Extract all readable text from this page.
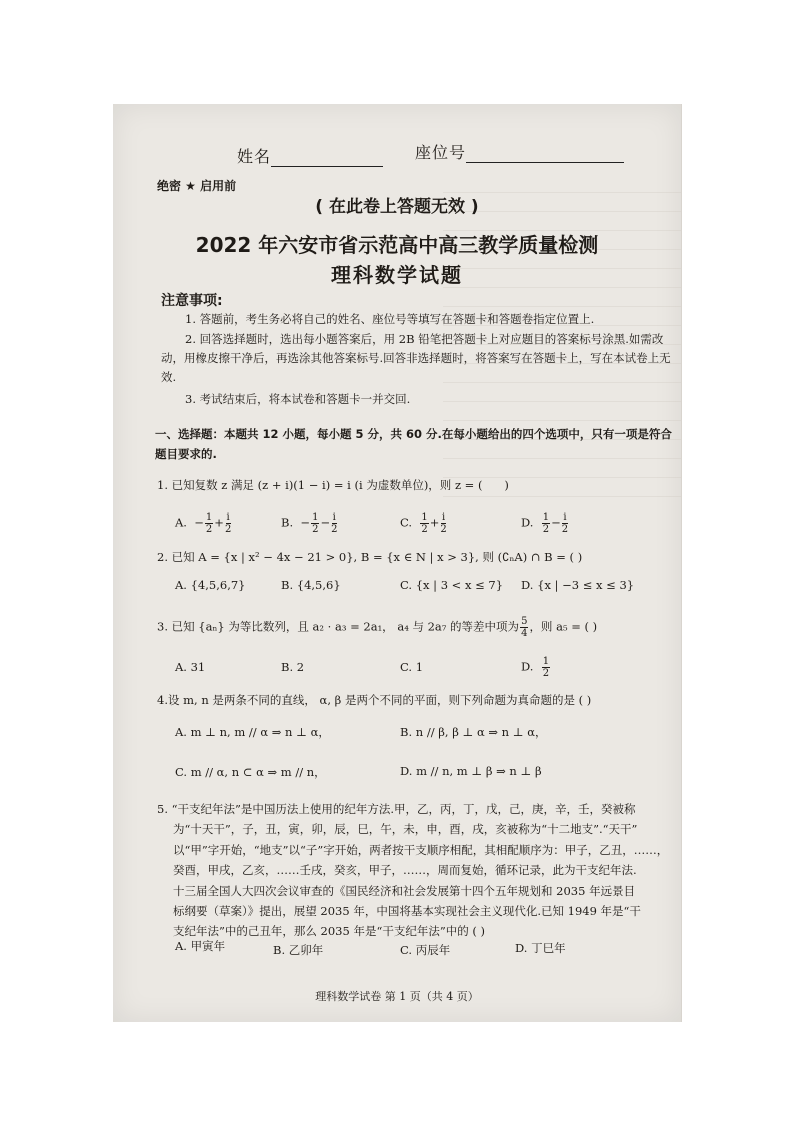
姓名	座位号
绝密 ★ 启用前
( 在此卷上答题无效 )
2022 年六安市省示范高中高三教学质量检测
理科数学试题
注意事项:
1. 答题前，考生务必将自己的姓名、座位号等填写在答题卡和答题卷指定位置上.
2. 回答选择题时，选出每小题答案后，用 2B 铅笔把答题卡上对应题目的答案标号涂黑.如需改动，用橡皮擦干净后，再选涂其他答案标号.回答非选择题时，将答案写在答题卡上，写在本试卷上无效.
3. 考试结束后，将本试卷和答题卡一并交回.
一、选择题：本题共 12 小题，每小题 5 分，共 60 分.在每小题给出的四个选项中，只有一项是符合题目要求的.
1. 已知复数 z 满足 (z + i)(1 − i) = i (i 为虚数单位)，则 z = ( )
A. − $\frac{1}{2} + \frac{i}{2}$	B. − $\frac{1}{2} - \frac{i}{2}$	C. $\frac{1}{2} + \frac{i}{2}$	D. $\frac{1}{2} - \frac{i}{2}$
2. 已知 A = {x | x² − 4x − 21 > 0}, B = {x ∈ N | x > 3}, 则 (∁ₙA) ∩ B = ( )
A. {4,5,6,7}	B. {4,5,6}	C. {x | 3 < x ≤ 7} D. {x | −3 ≤ x ≤ 3}
3. 已知 {aₙ} 为等比数列，且 a₂ · a₃ = 2a₁， a₄ 与 2a₇ 的等差中项为 $\frac{5}{4}$ ，则 a₅ = ( )
A. 31	B. 2	C. 1	D. $\frac{1}{2}$
4.设 m, n 是两条不同的直线， α, β 是两个不同的平面，则下列命题为真命题的是 ( )
A. m ⊥ n, m // α ⇒ n ⊥ α，	B. n // β, β ⊥ α ⇒ n ⊥ α，
C. m // α, n ⊂ α ⇒ m // n，	D. m // n, m ⊥ β ⇒ n ⊥ β
5. “干支纪年法”是中国历法上使用的纪年方法.甲，乙，丙，丁，戊，己，庚，辛，壬，癸被称
为“十天干”，子，丑，寅，卯，辰，巳，午，未，申，酉，戌，亥被称为“十二地支”.“天干”
以“甲”字开始，“地支”以“子”字开始，两者按干支顺序相配，其相配顺序为：甲子，乙丑，……，
癸酉，甲戌，乙亥，……壬戌，癸亥，甲子，……，周而复始，循环记录，此为干支纪年法.
十三届全国人大四次会议审查的《国民经济和社会发展第十四个五年规划和 2035 年远景目
标纲要（草案）》提出，展望 2035 年，中国将基本实现社会主义现代化.已知 1949 年是“干
支纪年法”中的己丑年，那么 2035 年是“干支纪年法”中的 ( )
A. 甲寅年	B. 乙卯年	C. 丙辰年	D. 丁巳年
理科数学试卷 第 1 页（共 4 页）
